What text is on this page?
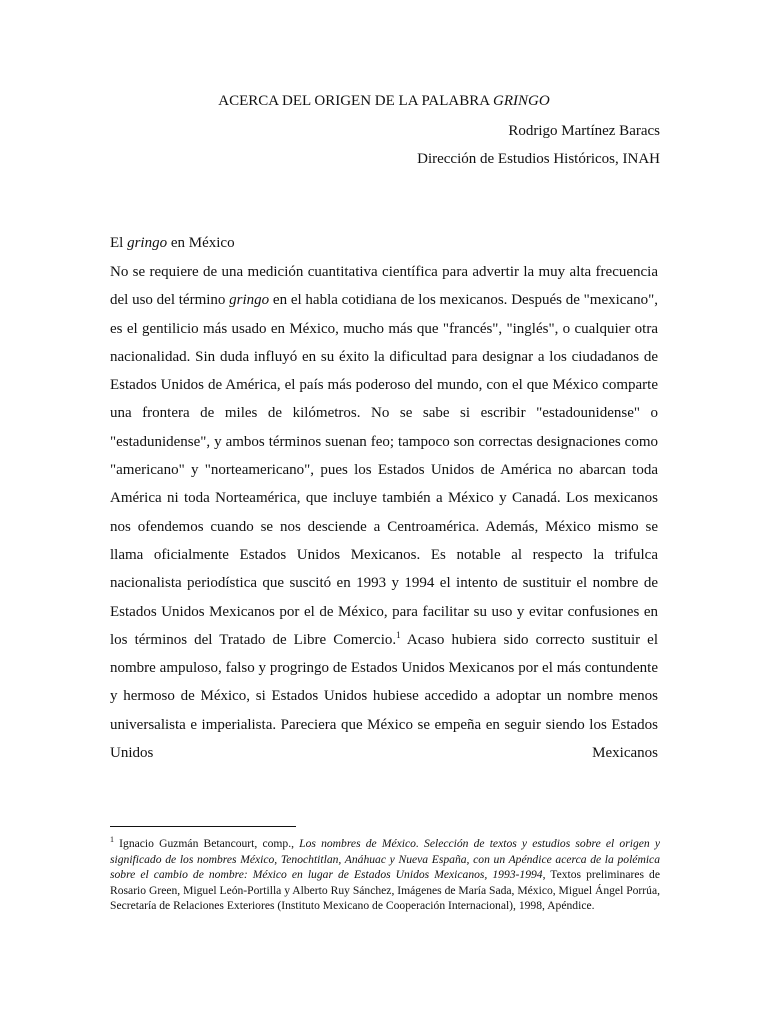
ACERCA DEL ORIGEN DE LA PALABRA GRINGO
Rodrigo Martínez Baracs
Dirección de Estudios Históricos, INAH
El gringo en México

No se requiere de una medición cuantitativa científica para advertir la muy alta frecuencia del uso del término gringo en el habla cotidiana de los mexicanos. Después de "mexicano", es el gentilicio más usado en México, mucho más que "francés", "inglés", o cualquier otra nacionalidad. Sin duda influyó en su éxito la dificultad para designar a los ciudadanos de Estados Unidos de América, el país más poderoso del mundo, con el que México comparte una frontera de miles de kilómetros. No se sabe si escribir "estadounidense" o "estadunidense", y ambos términos suenan feo; tampoco son correctas designaciones como "americano" y "norteamericano", pues los Estados Unidos de América no abarcan toda América ni toda Norteamérica, que incluye también a México y Canadá. Los mexicanos nos ofendemos cuando se nos desciende a Centroamérica. Además, México mismo se llama oficialmente Estados Unidos Mexicanos. Es notable al respecto la trifulca nacionalista periodística que suscitó en 1993 y 1994 el intento de sustituir el nombre de Estados Unidos Mexicanos por el de México, para facilitar su uso y evitar confusiones en los términos del Tratado de Libre Comercio.$^1$ Acaso hubiera sido correcto sustituir el nombre ampuloso, falso y progringo de Estados Unidos Mexicanos por el más contundente y hermoso de México, si Estados Unidos hubiese accedido a adoptar un nombre menos universalista e imperialista. Pareciera que México se empeña en seguir siendo los Estados Unidos Mexicanos

$^1$ Ignacio Guzmán Betancourt, comp., Los nombres de México. Selección de textos y estudios sobre el origen y significado de los nombres México, Tenochtitlan, Anáhuac y Nueva España, con un Apéndice acerca de la polémica sobre el cambio de nombre: México en lugar de Estados Unidos Mexicanos, 1993-1994, Textos preliminares de Rosario Green, Miguel León-Portilla y Alberto Ruy Sánchez, Imágenes de María Sada, México, Miguel Ángel Porrúa, Secretaría de Relaciones Exteriores (Instituto Mexicano de Cooperación Internacional), 1998, Apéndice.
